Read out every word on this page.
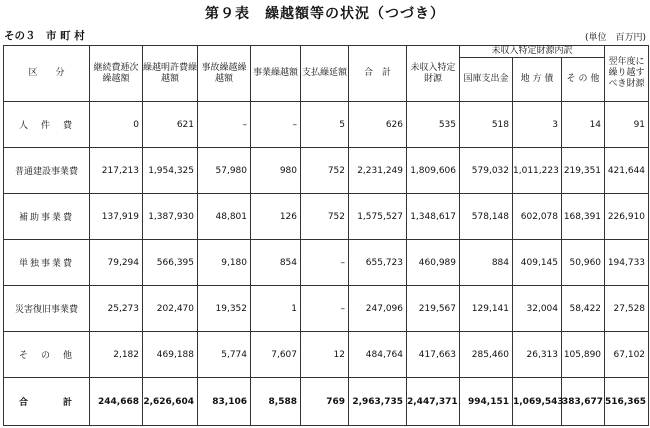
第９表　繰越額等の状況（つづき）
その３　市 町 村	(単位　百万円)
区　　分	継続費逓次繰越額	繰越明許費繰越額	事故繰越繰越額	事業繰越額	支払繰延額	合　計	未収入特定財源	未収入特定財源内訳			翌年度に繰り越すべき財源
								国庫支出金	地 方 債	そ の 他	
人　件　費	0	621	–	–	5	626	535	518	3	14	91
普通建設事業費	217,213	1,954,325	57,980	980	752	2,231,249	1,809,606	579,032	1,011,223	219,351	421,644
補助事業費	137,919	1,387,930	48,801	126	752	1,575,527	1,348,617	578,148	602,078	168,391	226,910
単独事業費	79,294	566,395	9,180	854	–	655,723	460,989	884	409,145	50,960	194,733
災害復旧事業費	25,273	202,470	19,352	1	–	247,096	219,567	129,141	32,004	58,422	27,528
そ　の　他	2,182	469,188	5,774	7,607	12	484,764	417,663	285,460	26,313	105,890	67,102
合　　　計	244,668	2,626,604	83,106	8,588	769	2,963,735	2,447,371	994,151	1,069,543	383,677	516,365
